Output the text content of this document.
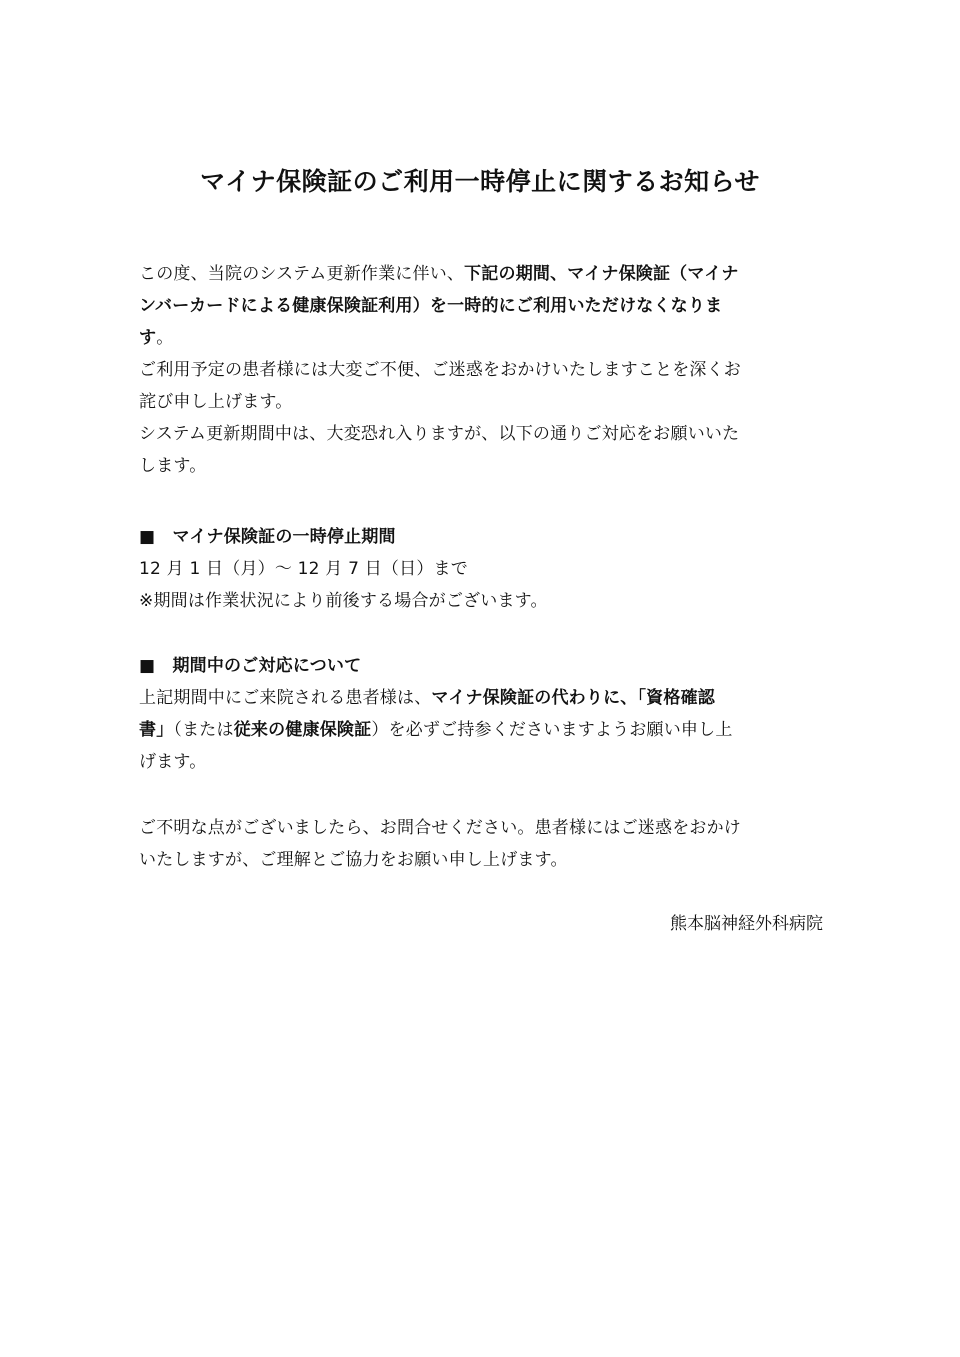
マイナ保険証のご利用一時停止に関するお知らせ
この度、当院のシステム更新作業に伴い、下記の期間、マイナ保険証（マイナ
ンバーカードによる健康保険証利用）を一時的にご利用いただけなくなりま
す。
ご利用予定の患者様には大変ご不便、ご迷惑をおかけいたしますことを深くお
詫び申し上げます。
システム更新期間中は、大変恐れ入りますが、以下の通りご対応をお願いいた
します。
■　マイナ保険証の一時停止期間
12 月 1 日（月）～ 12 月 7 日（日）まで
※期間は作業状況により前後する場合がございます。
■　期間中のご対応について
上記期間中にご来院される患者様は、マイナ保険証の代わりに、「資格確認
書」（または従来の健康保険証）を必ずご持参くださいますようお願い申し上
げます。
ご不明な点がございましたら、お問合せください。患者様にはご迷惑をおかけ
いたしますが、ご理解とご協力をお願い申し上げます。
熊本脳神経外科病院
